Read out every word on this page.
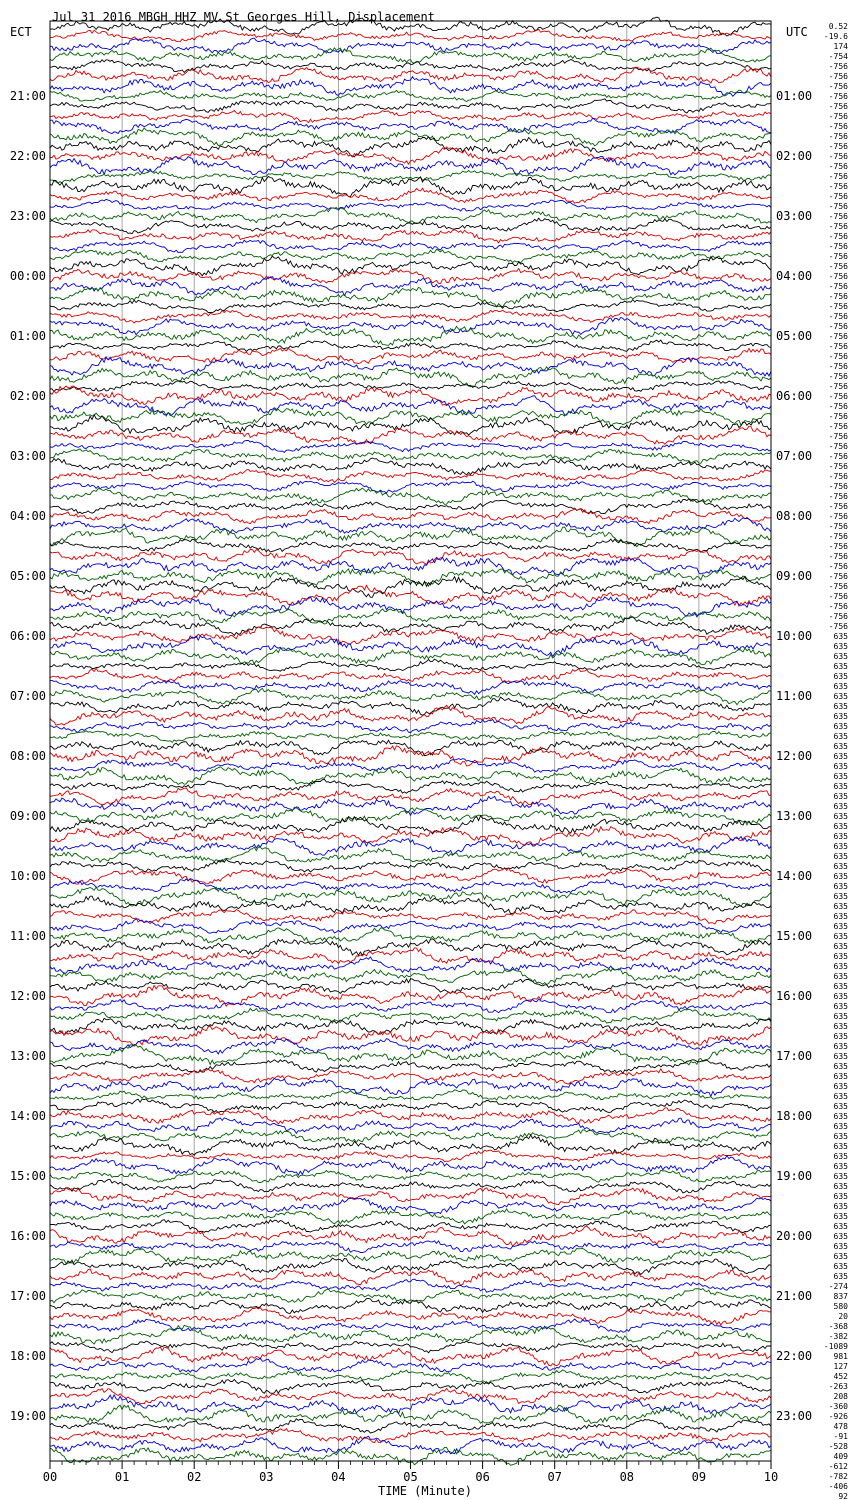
00	01	02	03	04	05	06	07	08	09	10
21:00
22:00
23:00
00:00
01:00
02:00
03:00
04:00
05:00
06:00
07:00
08:00
09:00
10:00
11:00
12:00
13:00
14:00
15:00
16:00
17:00
18:00
19:00
01:00
02:00
03:00
04:00
05:00
06:00
07:00
08:00
09:00
10:00
11:00
12:00
13:00
14:00
15:00
16:00
17:00
18:00
19:00
20:00
21:00
22:00
23:00
0.52
-19.6
174
-754
-756
-756
-756
-756
-756
-756
-756
-756
-756
-756
-756
-756
-756
-756
-756
-756
-756
-756
-756
-756
-756
-756
-756
-756
-756
-756
-756
-756
-756
-756
-756
-756
-756
-756
-756
-756
-756
-756
-756
-756
-756
-756
-756
-756
-756
-756
-756
-756
-756
-756
-756
-756
-756
-756
-756
-756
-756
635
635
635
635
635
635
635
635
635
635
635
635
635
635
635
635
635
635
635
635
635
635
635
635
635
635
635
635
635
635
635
635
635
635
635
635
635
635
635
635
635
635
635
635
635
635
635
635
635
635
635
635
635
635
635
635
635
635
635
635
635
635
635
635
635
-274
837
580
20
-368
-382
-1089
981
127
452
-263
208
-360
-926
478
-91
-528
409
-612
-782
-406
92
Jul 31 2016 MBGH HHZ MV St Georges Hill, Displacement
ECT	UTC
TIME (Minute)
